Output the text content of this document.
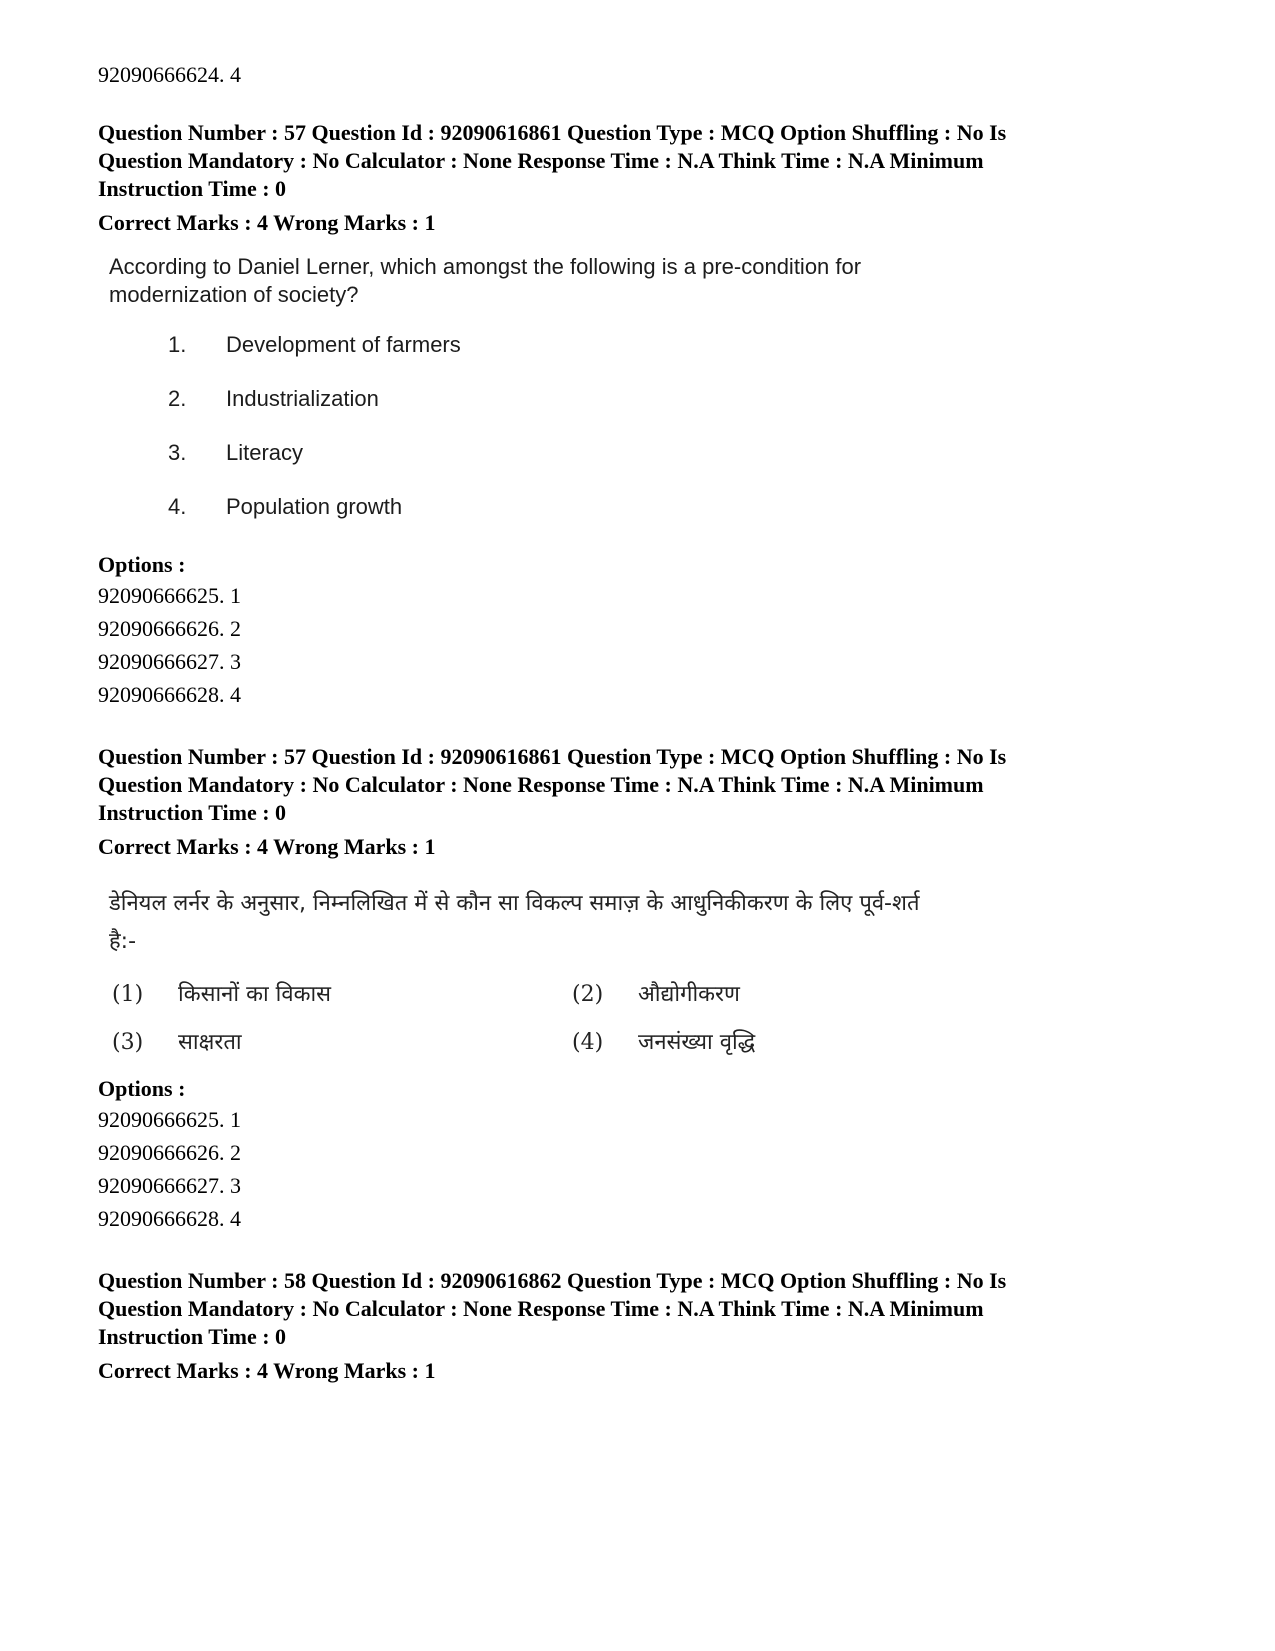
92090666624. 4
Question Number : 57 Question Id : 92090616861 Question Type : MCQ Option Shuffling : No Is
Question Mandatory : No Calculator : None Response Time : N.A Think Time : N.A Minimum
Instruction Time : 0
Correct Marks : 4 Wrong Marks : 1
According to Daniel Lerner, which amongst the following is a pre-condition for
modernization of society?
1.	Development of farmers
2.	Industrialization
3.	Literacy
4.	Population growth
Options :
92090666625. 1
92090666626. 2
92090666627. 3
92090666628. 4
Question Number : 57 Question Id : 92090616861 Question Type : MCQ Option Shuffling : No Is
Question Mandatory : No Calculator : None Response Time : N.A Think Time : N.A Minimum
Instruction Time : 0
Correct Marks : 4 Wrong Marks : 1
डेनियल लर्नर के अनुसार, निम्नलिखित में से कौन सा विकल्प समाज़ के आधुनिकीकरण के लिए पूर्व-शर्त
है:-
(1)	किसानों का विकास	(2)	औद्योगीकरण
(3)	साक्षरता	(4)	जनसंख्या वृद्धि
Options :
92090666625. 1
92090666626. 2
92090666627. 3
92090666628. 4
Question Number : 58 Question Id : 92090616862 Question Type : MCQ Option Shuffling : No Is
Question Mandatory : No Calculator : None Response Time : N.A Think Time : N.A Minimum
Instruction Time : 0
Correct Marks : 4 Wrong Marks : 1
